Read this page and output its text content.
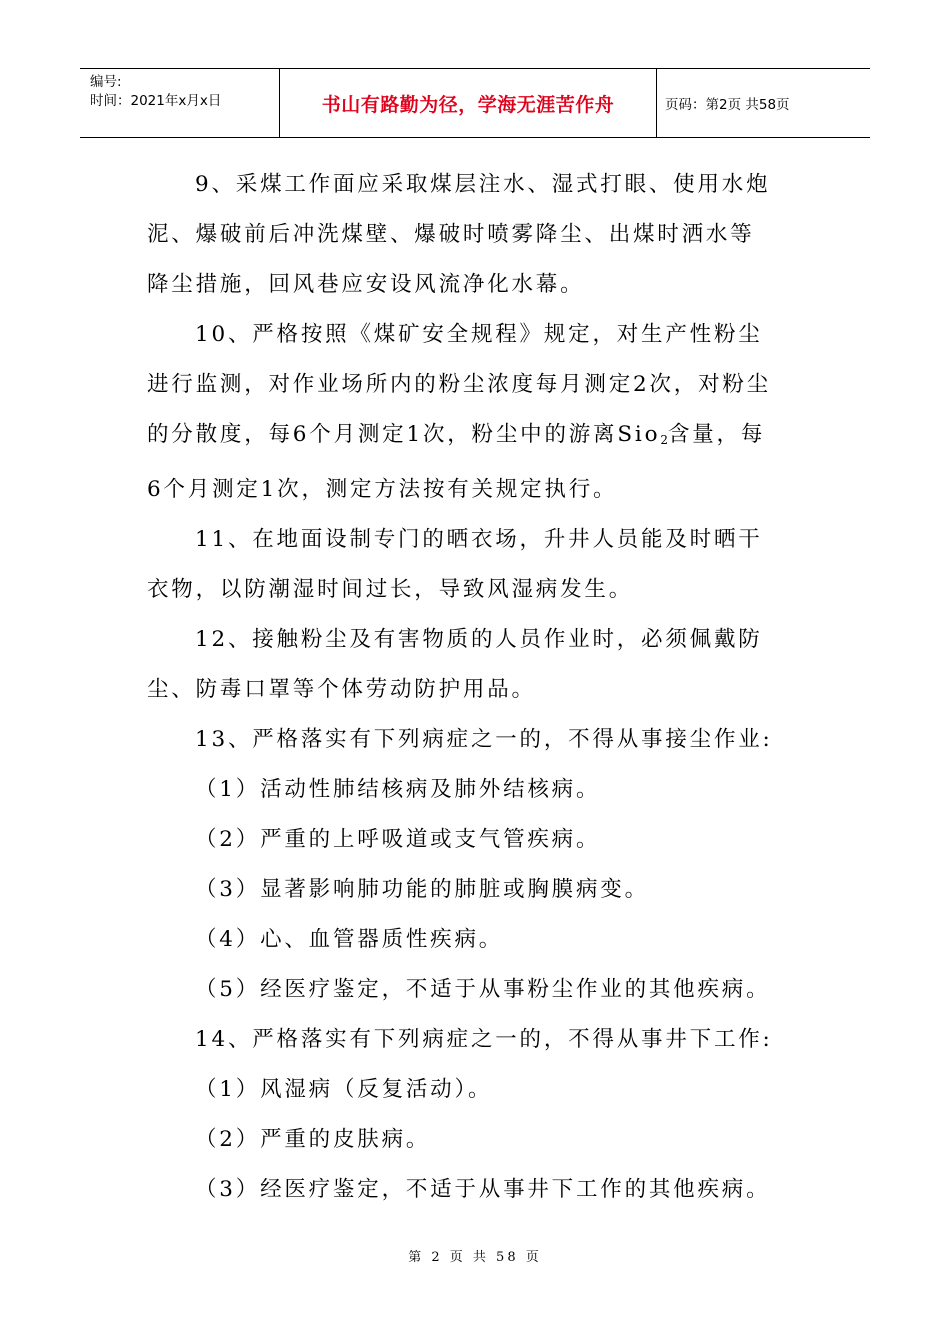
编号:
时间：2021年x月x日	书山有路勤为径，学海无涯苦作舟	页码：第2页 共58页

9、采煤工作面应采取煤层注水、湿式打眼、使用水炮

泥、爆破前后冲洗煤壁、爆破时喷雾降尘、出煤时洒水等

降尘措施，回风巷应安设风流净化水幕。

10、严格按照《煤矿安全规程》规定，对生产性粉尘

进行监测，对作业场所内的粉尘浓度每月测定2次，对粉尘

的分散度，每6个月测定1次，粉尘中的游离Sio$_2$含量，每

6个月测定1次，测定方法按有关规定执行。

11、在地面设制专门的晒衣场，升井人员能及时晒干

衣物，以防潮湿时间过长，导致风湿病发生。

12、接触粉尘及有害物质的人员作业时，必须佩戴防

尘、防毒口罩等个体劳动防护用品。

13、严格落实有下列病症之一的，不得从事接尘作业:

（1）活动性肺结核病及肺外结核病。

（2）严重的上呼吸道或支气管疾病。

（3）显著影响肺功能的肺脏或胸膜病变。

（4）心、血管器质性疾病。

（5）经医疗鉴定，不适于从事粉尘作业的其他疾病。

14、严格落实有下列病症之一的，不得从事井下工作:

（1）风湿病（反复活动）。

（2）严重的皮肤病。

（3）经医疗鉴定，不适于从事井下工作的其他疾病。

第 2 页 共 58 页
